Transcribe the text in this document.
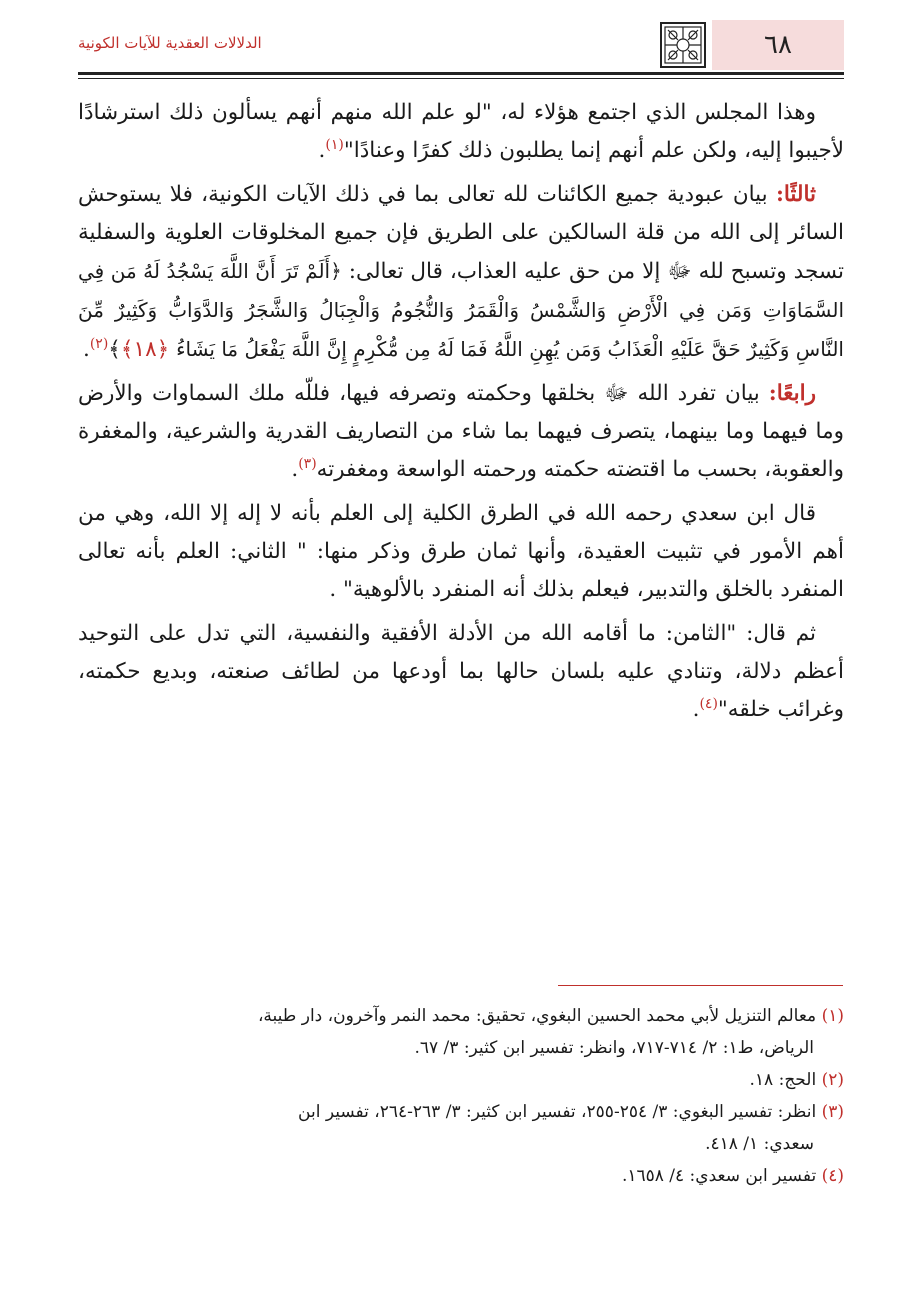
الدلالات العقدية للآيات الكونية	٦٨

وهذا المجلس الذي اجتمع هؤلاء له، "لو علم الله منهم أنهم يسألون ذلك استرشادًا لأجيبوا إليه، ولكن علم أنهم إنما يطلبون ذلك كفرًا وعنادًا"$^{(١)}$.

ثالثًا: بيان عبودية جميع الكائنات لله تعالى بما في ذلك الآيات الكونية، فلا يستوحش السائر إلى الله من قلة السالكين على الطريق فإن جميع المخلوقات العلوية والسفلية تسجد وتسبح لله ﷻ إلا من حق عليه العذاب، قال تعالى: ﴿أَلَمْ تَرَ أَنَّ اللَّهَ يَسْجُدُ لَهُ مَن فِي السَّمَاوَاتِ وَمَن فِي الْأَرْضِ وَالشَّمْسُ وَالْقَمَرُ وَالنُّجُومُ وَالْجِبَالُ وَالشَّجَرُ وَالدَّوَابُّ وَكَثِيرٌ مِّنَ النَّاسِ وَكَثِيرٌ حَقَّ عَلَيْهِ الْعَذَابُ وَمَن يُهِنِ اللَّهُ فَمَا لَهُ مِن مُّكْرِمٍ إِنَّ اللَّهَ يَفْعَلُ مَا يَشَاءُ ﴿١٨﴾﴾$^{(٢)}$.

رابعًا: بيان تفرد الله ﷻ بخلقها وحكمته وتصرفه فيها، فللّه ملك السماوات والأرض وما فيهما وما بينهما، يتصرف فيهما بما شاء من التصاريف القدرية والشرعية، والمغفرة والعقوبة، بحسب ما اقتضته حكمته ورحمته الواسعة ومغفرته$^{(٣)}$.

قال ابن سعدي رحمه الله في الطرق الكلية إلى العلم بأنه لا إله إلا الله، وهي من أهم الأمور في تثبيت العقيدة، وأنها ثمان طرق وذكر منها: " الثاني: العلم بأنه تعالى المنفرد بالخلق والتدبير، فيعلم بذلك أنه المنفرد بالألوهية" .

ثم قال: "الثامن: ما أقامه الله من الأدلة الأفقية والنفسية، التي تدل على التوحيد أعظم دلالة، وتنادي عليه بلسان حالها بما أودعها من لطائف صنعته، وبديع حكمته، وغرائب خلقه"$^{(٤)}$.

(١) معالم التنزيل لأبي محمد الحسين البغوي، تحقيق: محمد النمر وآخرون، دار طيبة،
الرياض، ط١: ٢/ ٧١٤-٧١٧، وانظر: تفسير ابن كثير: ٣/ ٦٧.
(٢) الحج: ١٨.
(٣) انظر: تفسير البغوي: ٣/ ٢٥٤-٢٥٥، تفسير ابن كثير: ٣/ ٢٦٣-٢٦٤، تفسير ابن
سعدي: ١/ ٤١٨.
(٤) تفسير ابن سعدي: ٤/ ١٦٥٨.
